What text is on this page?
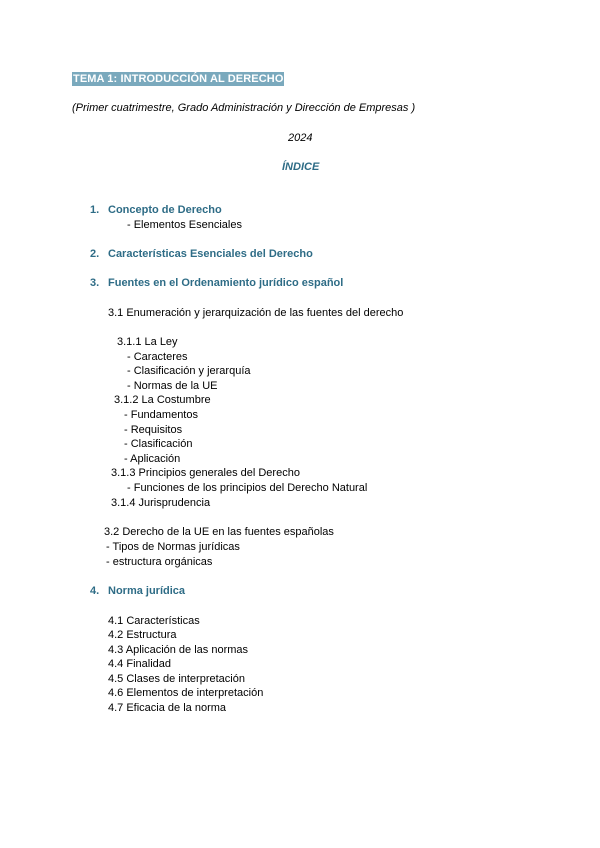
TEMA 1: INTRODUCCIÓN AL DERECHO
(Primer cuatrimestre, Grado Administración y Dirección de Empresas )
2024
ÍNDICE
1. Concepto de Derecho
- Elementos Esenciales
2. Características Esenciales del Derecho
3. Fuentes en el Ordenamiento jurídico español
3.1 Enumeración y jerarquización de las fuentes del derecho
3.1.1 La Ley
- Caracteres
- Clasificación y jerarquía
- Normas de la UE
3.1.2 La Costumbre
- Fundamentos
- Requisitos
- Clasificación
- Aplicación
3.1.3 Principios generales del Derecho
- Funciones de los principios del Derecho Natural
3.1.4 Jurisprudencia
3.2 Derecho de la UE en las fuentes españolas
- Tipos de Normas jurídicas
- estructura orgánicas
4. Norma jurídica
4.1 Características
4.2 Estructura
4.3 Aplicación de las normas
4.4 Finalidad
4.5 Clases de interpretación
4.6 Elementos de interpretación
4.7 Eficacia de la norma
